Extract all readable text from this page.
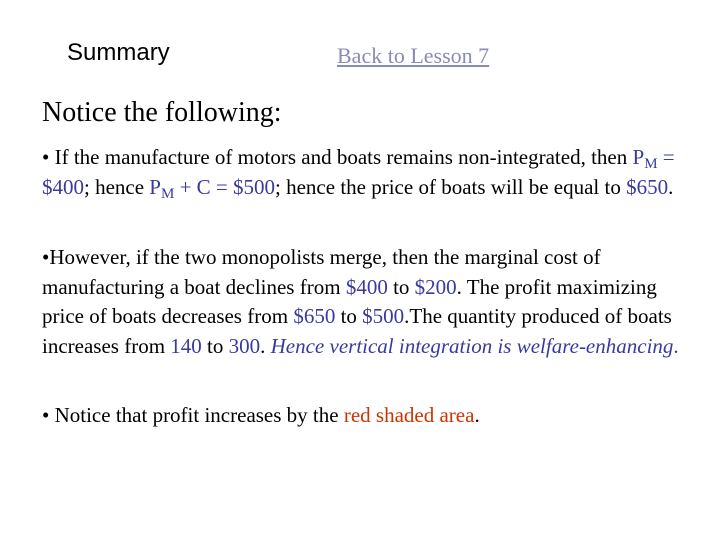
Summary	Back to Lesson 7
Notice the following:
• If the manufacture of motors and boats remains non-integrated, then $P_M$ = $400; hence $P_M + C$ = $500; hence the price of boats will be equal to $650.
•However, if the two monopolists merge, then the marginal cost of manufacturing a boat declines from $400 to $200. The profit maximizing price of boats decreases from $650 to $500.The quantity produced of boats increases from 140 to 300. Hence vertical integration is welfare-enhancing.
• Notice that profit increases by the red shaded area.
